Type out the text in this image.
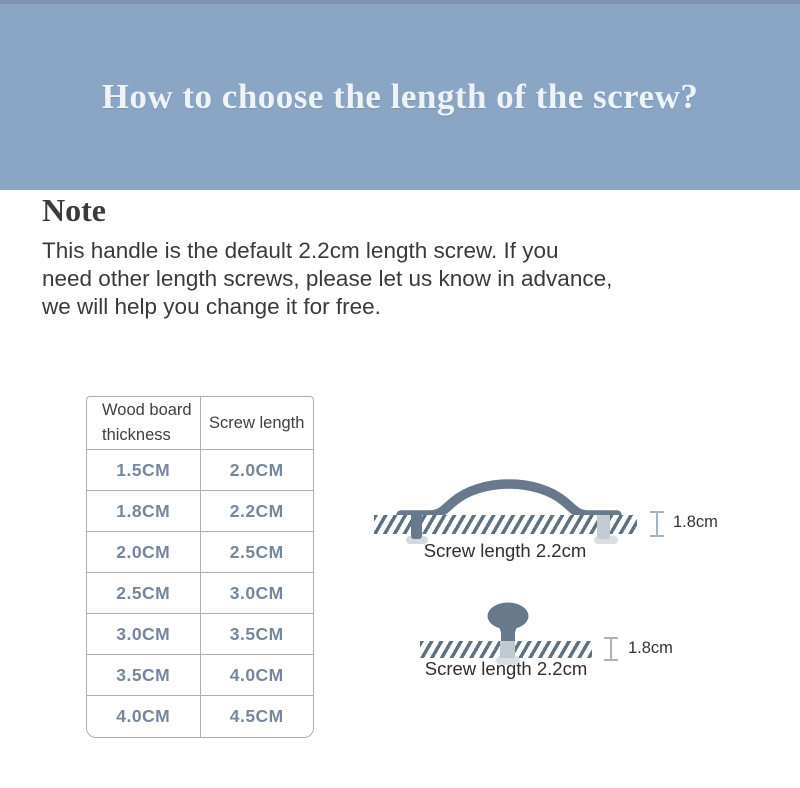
How to choose the length of the screw?
Note

This handle is the default 2.2cm length screw. If you
need other length screws, please let us know in advance,
we will help you change it for free.

Wood board thickness	Screw length
1.5CM	2.0CM
1.8CM	2.2CM
2.0CM	2.5CM
2.5CM	3.0CM
3.0CM	3.5CM
3.5CM	4.0CM
4.0CM	4.5CM
1.8cm
Screw length 2.2cm
1.8cm
Screw length 2.2cm
